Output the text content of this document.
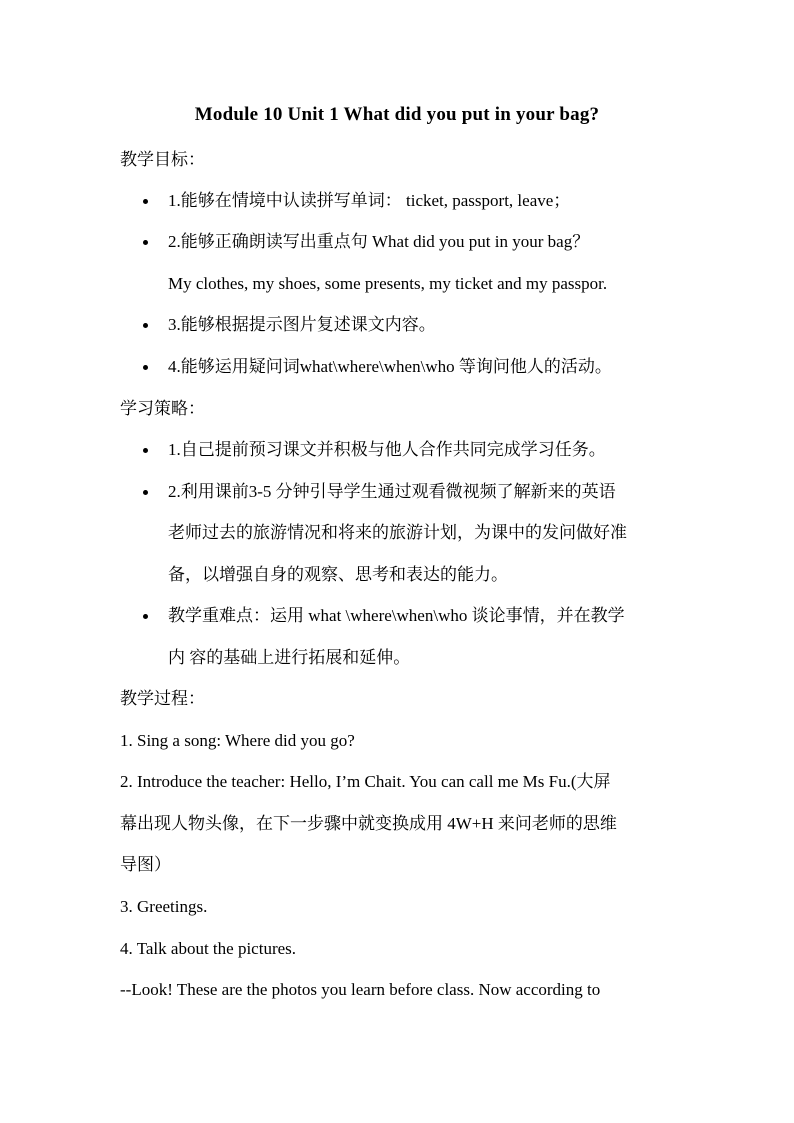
Module 10 Unit 1 What did you put in your bag?
教学目标：
1.能够在情境中认读拼写单词： ticket, passport, leave；
2.能够正确朗读写出重点句 What did you put in your bag？
My clothes, my shoes, some presents, my ticket and my passpor.
3.能够根据提示图片复述课文内容。
4.能够运用疑问词what\where\when\who 等询问他人的活动。
学习策略：
1.自己提前预习课文并积极与他人合作共同完成学习任务。
2.利用课前3-5 分钟引导学生通过观看微视频了解新来的英语
老师过去的旅游情况和将来的旅游计划，为课中的发问做好准
备，以增强自身的观察、思考和表达的能力。
教学重难点：运用 what \where\when\who 谈论事情，并在教学
内 容的基础上进行拓展和延伸。
教学过程：
1. Sing a song: Where did you go?
2. Introduce the teacher: Hello, I’m Chait. You can call me Ms Fu.(大屏
幕出现人物头像，在下一步骤中就变换成用 4W+H 来问老师的思维
导图）
3. Greetings.
4. Talk about the pictures.
--Look! These are the photos you learn before class. Now according to
